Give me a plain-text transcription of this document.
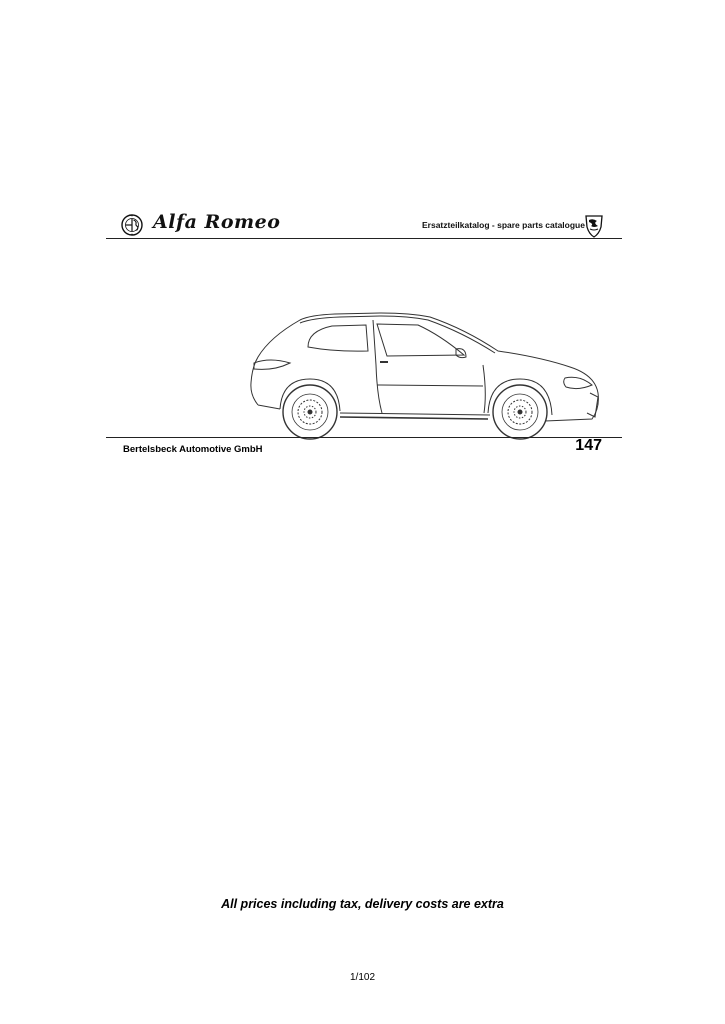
Alfa Romeo	Ersatzteilkatalog - spare parts catalogue
Bertelsbeck Automotive GmbH	147
All prices including tax, delivery costs are extra
1/102
